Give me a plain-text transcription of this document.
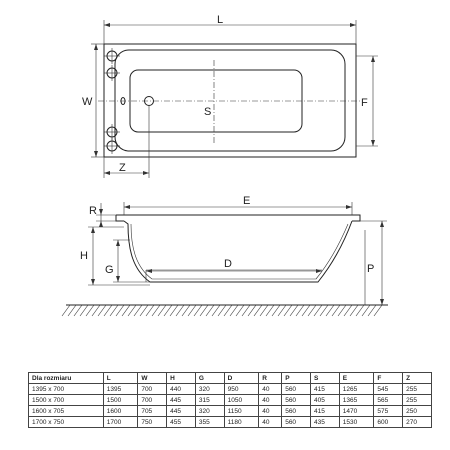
L
W
S
F
Z
E
R
H
G	D	P
Dla rozmiaru	L	W	H	G	D	R	P	S	E	F	Z
1395 x 700	1395	700	440	320	950	40	560	415	1265	545	255
1500 x 700	1500	700	445	315	1050	40	560	405	1365	565	255
1600 x 705	1600	705	445	320	1150	40	560	415	1470	575	250
1700 x 750	1700	750	455	355	1180	40	560	435	1530	600	270
